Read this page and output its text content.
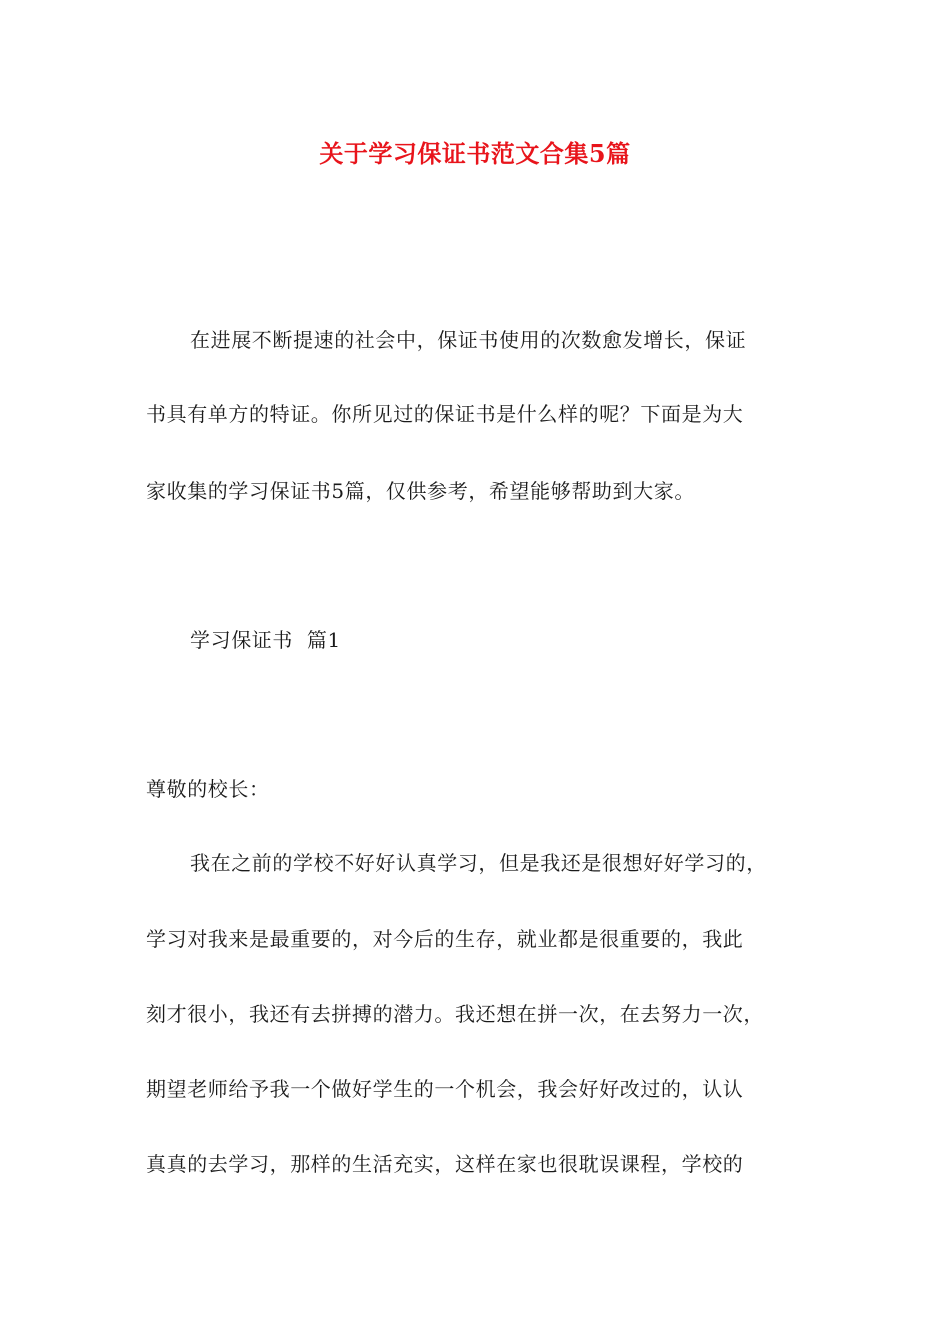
关于学习保证书范文合集5篇
在进展不断提速的社会中，保证书使用的次数愈发增长，保证
书具有单方的特证。你所见过的保证书是什么样的呢？下面是为大
家收集的学习保证书5篇，仅供参考，希望能够帮助到大家。
学习保证书  篇1
尊敬的校长：
我在之前的学校不好好认真学习，但是我还是很想好好学习的，
学习对我来是最重要的，对今后的生存，就业都是很重要的，我此
刻才很小，我还有去拼搏的潜力。我还想在拼一次，在去努力一次，
期望老师给予我一个做好学生的一个机会，我会好好改过的，认认
真真的去学习，那样的生活充实，这样在家也很耽误课程，学校的
